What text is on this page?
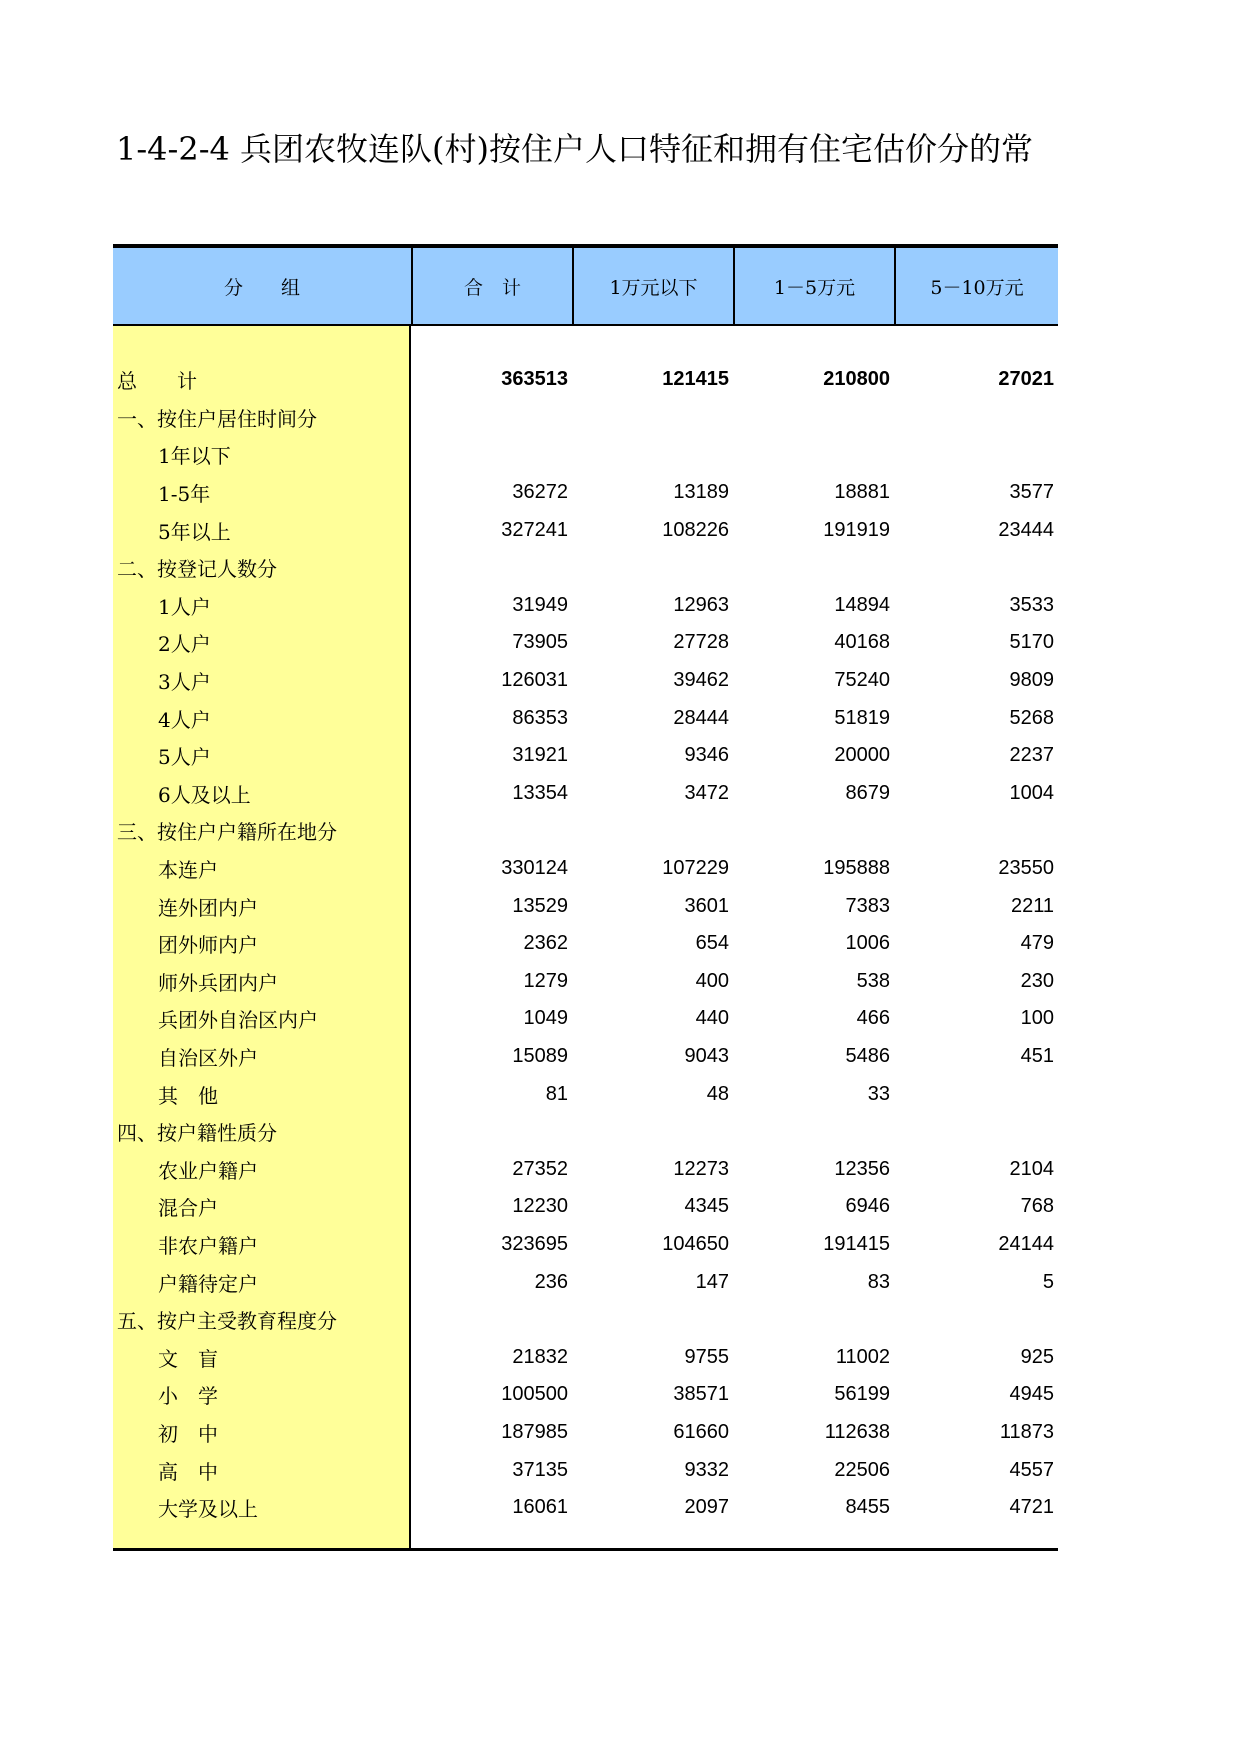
1-4-2-4 兵团农牧连队(村)按住户人口特征和拥有住宅估价分的常
分　　组	合　计	1万元以下	1－5万元	5－10万元
总　　计	363513	121415	210800	27021
一、按住户居住时间分
1年以下
1-5年	36272	13189	18881	3577
5年以上	327241	108226	191919	23444
二、按登记人数分
1人户	31949	12963	14894	3533
2人户	73905	27728	40168	5170
3人户	126031	39462	75240	9809
4人户	86353	28444	51819	5268
5人户	31921	9346	20000	2237
6人及以上	13354	3472	8679	1004
三、按住户户籍所在地分
本连户	330124	107229	195888	23550
连外团内户	13529	3601	7383	2211
团外师内户	2362	654	1006	479
师外兵团内户	1279	400	538	230
兵团外自治区内户	1049	440	466	100
自治区外户	15089	9043	5486	451
其　他	81	48	33
四、按户籍性质分
农业户籍户	27352	12273	12356	2104
混合户	12230	4345	6946	768
非农户籍户	323695	104650	191415	24144
户籍待定户	236	147	83	5
五、按户主受教育程度分
文　盲	21832	9755	11002	925
小　学	100500	38571	56199	4945
初　中	187985	61660	112638	11873
高　中	37135	9332	22506	4557
大学及以上	16061	2097	8455	4721
